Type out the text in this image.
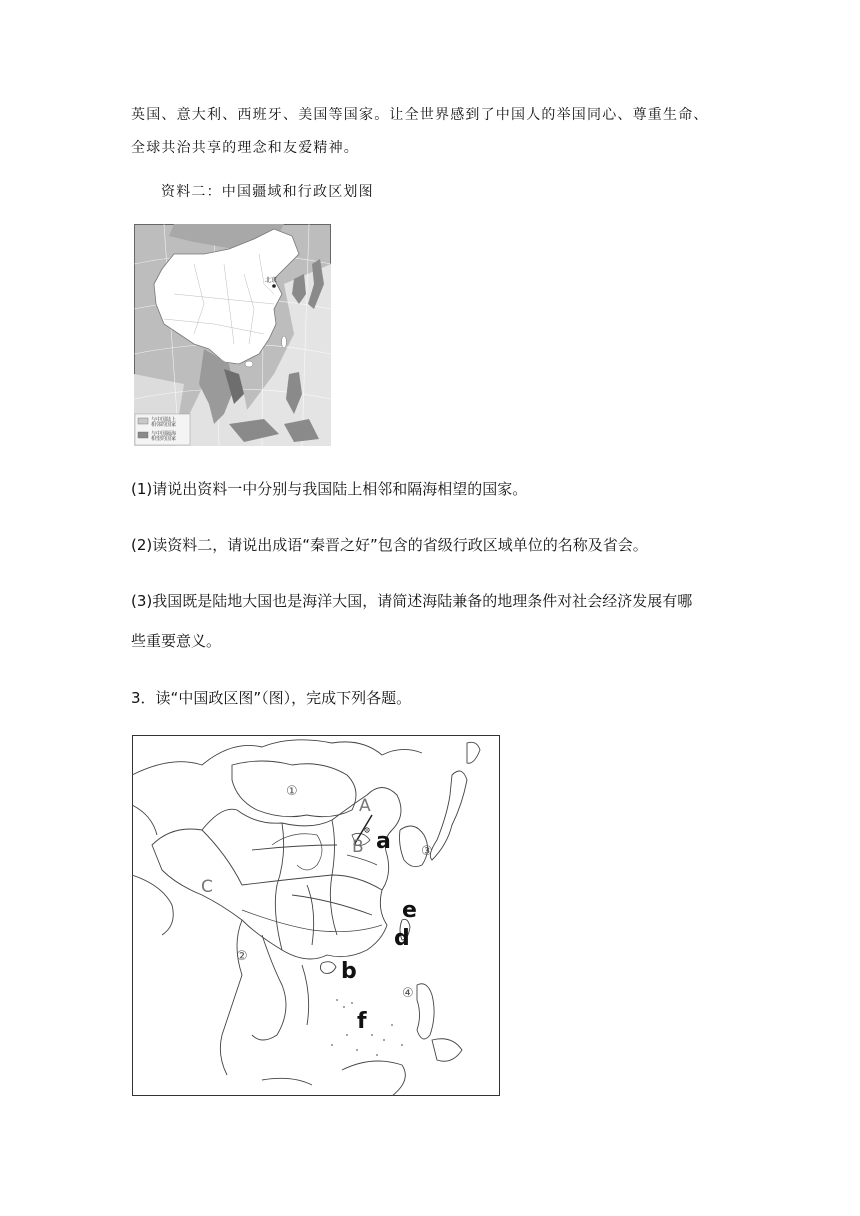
英国、意大利、西班牙、美国等国家。让全世界感到了中国人的举国同心、尊重生命、
全球共治共享的理念和友爱精神。
资料二：中国疆域和行政区划图
北京
与中国陆上
相邻的国家
与中国隔海
相望的国家
(1)请说出资料一中分别与我国陆上相邻和隔海相望的国家。
(2)读资料二，请说出成语“秦晋之好”包含的省级行政区域单位的名称及省会。
(3)我国既是陆地大国也是海洋大国，请简述海陆兼备的地理条件对社会经济发展有哪
些重要意义。
3．读“中国政区图”（图），完成下列各题。
①
②
③
④
A
B
C
a
b
d
e
f
